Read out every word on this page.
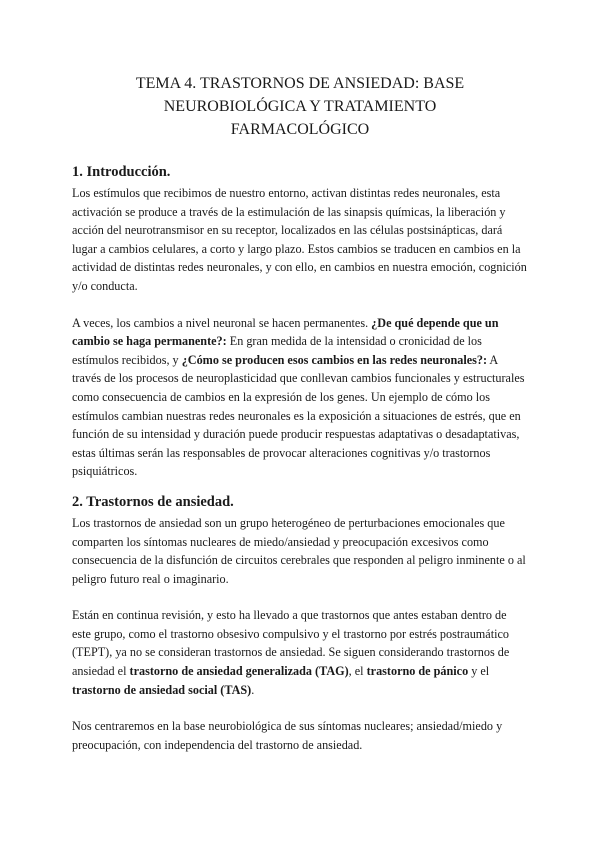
TEMA 4. TRASTORNOS DE ANSIEDAD: BASE
NEUROBIOLÓGICA Y TRATAMIENTO
FARMACOLÓGICO
1. Introducción.

Los estímulos que recibimos de nuestro entorno, activan distintas redes neuronales, esta activación se produce a través de la estimulación de las sinapsis químicas, la liberación y acción del neurotransmisor en su receptor, localizados en las células postsinápticas, dará lugar a cambios celulares, a corto y largo plazo. Estos cambios se traducen en cambios en la actividad de distintas redes neuronales, y con ello, en cambios en nuestra emoción, cognición y/o conducta.

A veces, los cambios a nivel neuronal se hacen permanentes. ¿De qué depende que un cambio se haga permanente?: En gran medida de la intensidad o cronicidad de los estímulos recibidos, y ¿Cómo se producen esos cambios en las redes neuronales?: A través de los procesos de neuroplasticidad que conllevan cambios funcionales y estructurales como consecuencia de cambios en la expresión de los genes. Un ejemplo de cómo los estímulos cambian nuestras redes neuronales es la exposición a situaciones de estrés, que en función de su intensidad y duración puede producir respuestas adaptativas o desadaptativas, estas últimas serán las responsables de provocar alteraciones cognitivas y/o trastornos psiquiátricos.

2. Trastornos de ansiedad.

Los trastornos de ansiedad son un grupo heterogéneo de perturbaciones emocionales que comparten los síntomas nucleares de miedo/ansiedad y preocupación excesivos como consecuencia de la disfunción de circuitos cerebrales que responden al peligro inminente o al peligro futuro real o imaginario.

Están en continua revisión, y esto ha llevado a que trastornos que antes estaban dentro de este grupo, como el trastorno obsesivo compulsivo y el trastorno por estrés postraumático (TEPT), ya no se consideran trastornos de ansiedad. Se siguen considerando trastornos de ansiedad el trastorno de ansiedad generalizada (TAG), el trastorno de pánico y el trastorno de ansiedad social (TAS).

Nos centraremos en la base neurobiológica de sus síntomas nucleares; ansiedad/miedo y preocupación, con independencia del trastorno de ansiedad.
